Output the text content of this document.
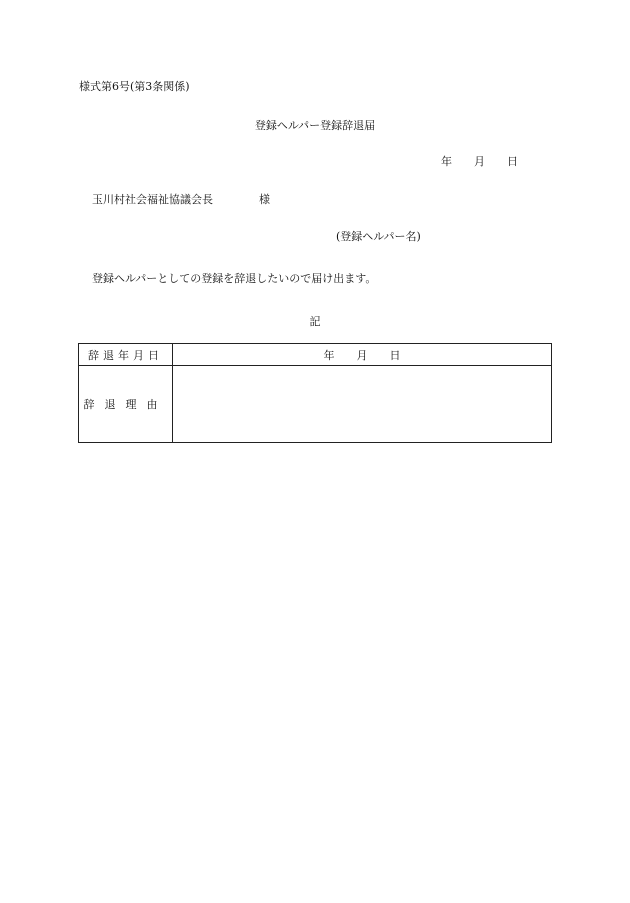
様式第6号(第3条関係)
登録ヘルパー登録辞退届
年 月 日
玉川村社会福祉協議会長	様
(登録ヘルパー名)
登録ヘルパーとしての登録を辞退したいので届け出ます。
記
辞退年月日	年 月 日
辞退理由	
